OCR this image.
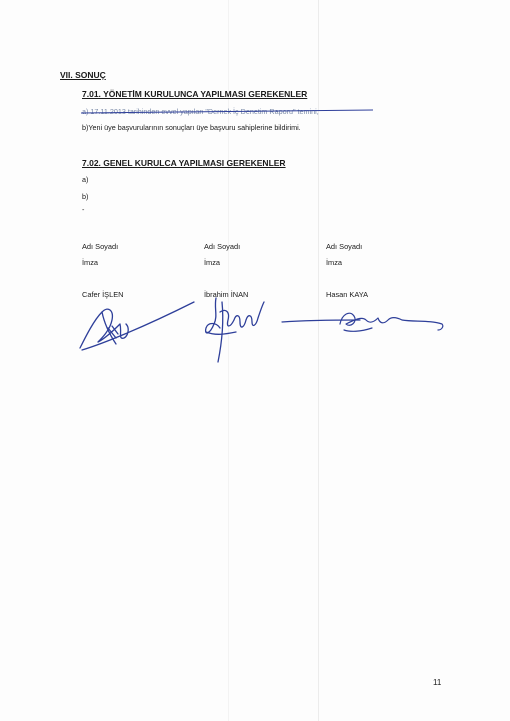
VII. SONUÇ
7.01. YÖNETİM KURULUNCA YAPILMASI GEREKENLER
a) 17.11.2013 tarihinden evvel yapılan "Dernek İç Denetim Raporu" temini,
b)Yeni üye başvurularının sonuçları üye başvuru sahiplerine bildirimi.
7.02. GENEL KURULCA YAPILMASI GEREKENLER
a)
b)
-
Adı Soyadı
İmza
Cafer İŞLEN
Adı Soyadı
İmza
İbrahim İNAN
Adı Soyadı
İmza
Hasan KAYA
11
